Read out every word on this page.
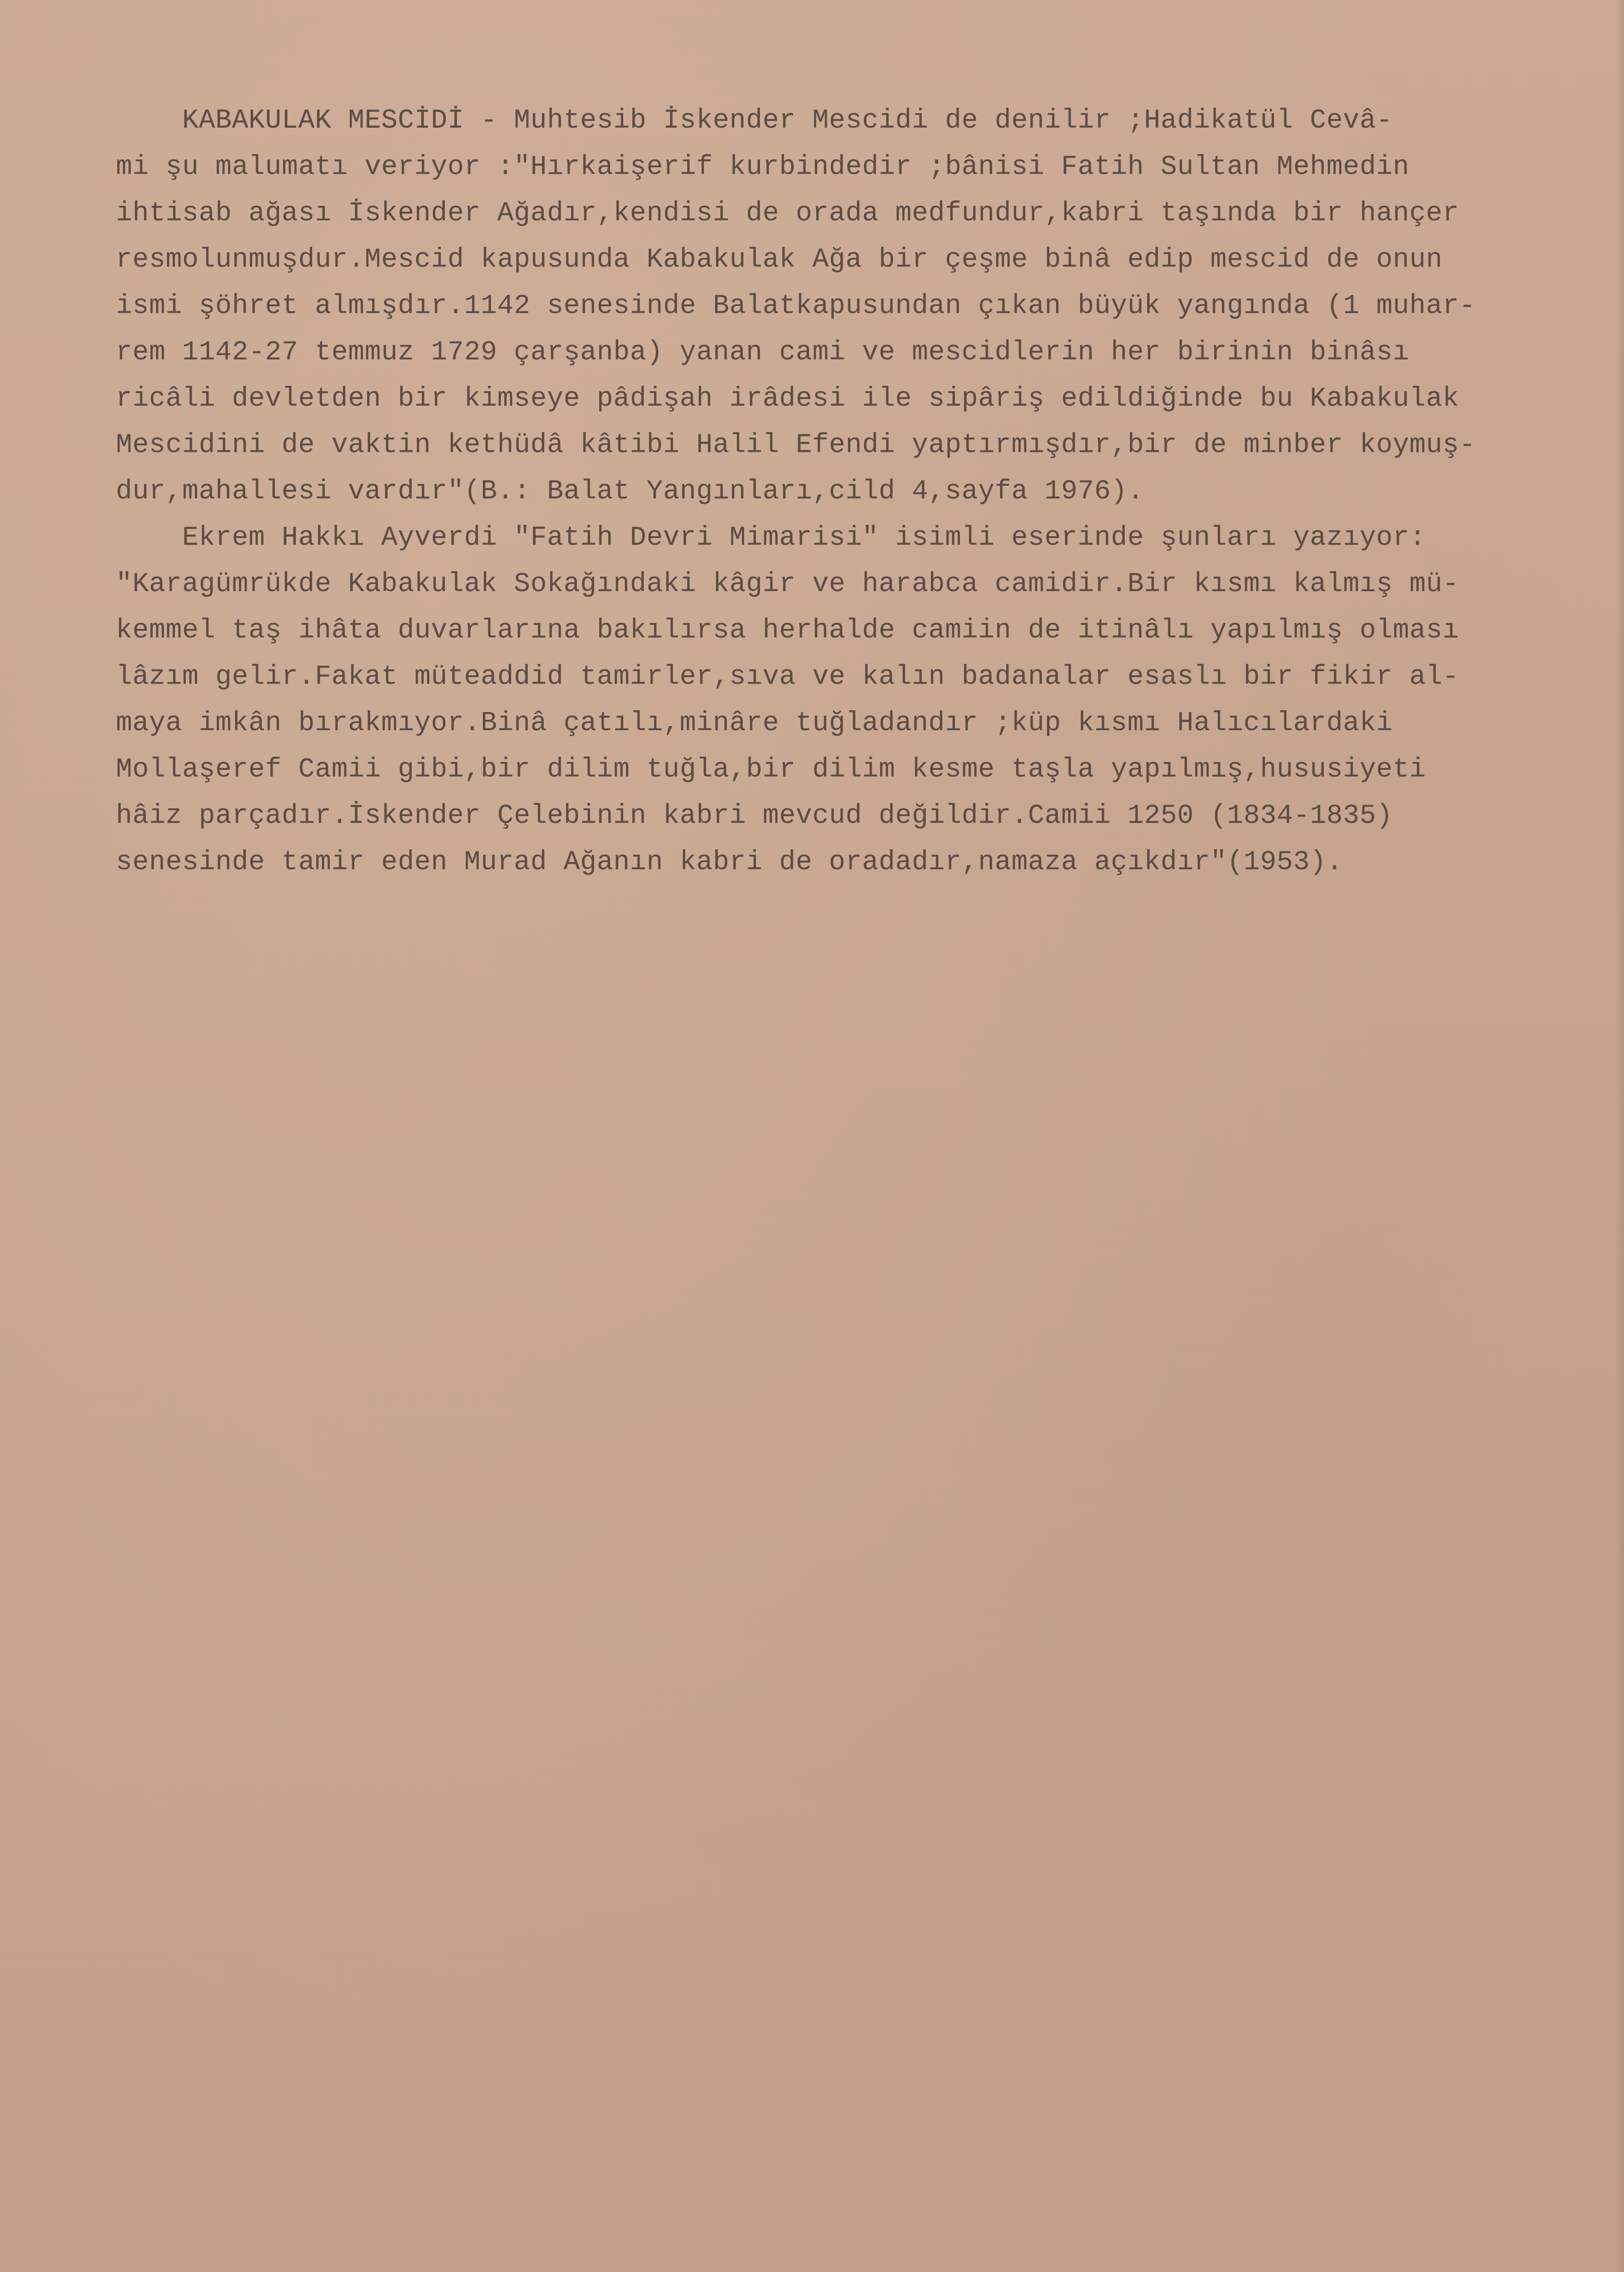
KABAKULAK MESCİDİ - Muhtesib İskender Mescidi de denilir ;Hadikatül Cevâ-
mi şu malumatı veriyor :"Hırkaişerif kurbindedir ;bânisi Fatih Sultan Mehmedin
ihtisab ağası İskender Ağadır,kendisi de orada medfundur,kabri taşında bir hançer
resmolunmuşdur.Mescid kapusunda Kabakulak Ağa bir çeşme binâ edip mescid de onun
ismi şöhret almışdır.1142 senesinde Balatkapusundan çıkan büyük yangında (1 muhar-
rem 1142-27 temmuz 1729 çarşanba) yanan cami ve mescidlerin her birinin binâsı
ricâli devletden bir kimseye pâdişah irâdesi ile sipâriş edildiğinde bu Kabakulak
Mescidini de vaktin kethüdâ kâtibi Halil Efendi yaptırmışdır,bir de minber koymuş-
dur,mahallesi vardır"(B.: Balat Yangınları,cild 4,sayfa 1976).
Ekrem Hakkı Ayverdi "Fatih Devri Mimarisi" isimli eserinde şunları yazıyor:
"Karagümrükde Kabakulak Sokağındaki kâgir ve harabca camidir.Bir kısmı kalmış mü-
kemmel taş ihâta duvarlarına bakılırsa herhalde camiin de itinâlı yapılmış olması
lâzım gelir.Fakat müteaddid tamirler,sıva ve kalın badanalar esaslı bir fikir al-
maya imkân bırakmıyor.Binâ çatılı,minâre tuğladandır ;küp kısmı Halıcılardaki
Mollaşeref Camii gibi,bir dilim tuğla,bir dilim kesme taşla yapılmış,hususiyeti
hâiz parçadır.İskender Çelebinin kabri mevcud değildir.Camii 1250 (1834-1835)
senesinde tamir eden Murad Ağanın kabri de oradadır,namaza açıkdır"(1953).
